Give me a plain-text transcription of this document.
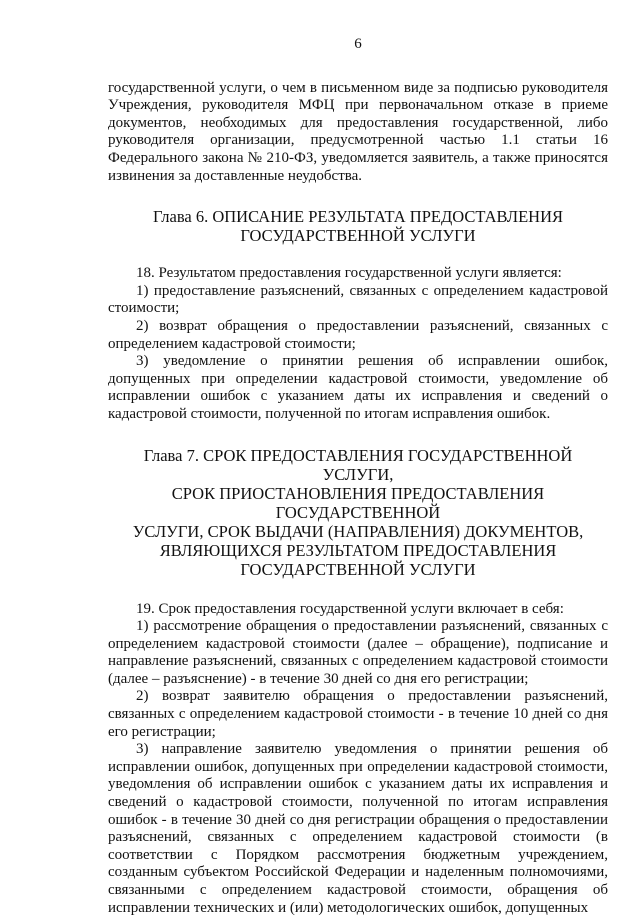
6

государственной услуги, о чем в письменном виде за подписью руководителя Учреждения, руководителя МФЦ при первоначальном отказе в приеме документов, необходимых для предоставления государственной, либо руководителя организации, предусмотренной частью 1.1 статьи 16 Федерального закона № 210-ФЗ, уведомляется заявитель, а также приносятся извинения за доставленные неудобства.

Глава 6. ОПИСАНИЕ РЕЗУЛЬТАТА ПРЕДОСТАВЛЕНИЯ
ГОСУДАРСТВЕННОЙ УСЛУГИ

18. Результатом предоставления государственной услуги является:

1) предоставление разъяснений, связанных с определением кадастровой стоимости;

2) возврат обращения о предоставлении разъяснений, связанных с определением кадастровой стоимости;

3) уведомление о принятии решения об исправлении ошибок, допущенных при определении кадастровой стоимости, уведомление об исправлении ошибок с указанием даты их исправления и сведений о кадастровой стоимости, полученной по итогам исправления ошибок.

Глава 7. СРОК ПРЕДОСТАВЛЕНИЯ ГОСУДАРСТВЕННОЙ УСЛУГИ,
СРОК ПРИОСТАНОВЛЕНИЯ ПРЕДОСТАВЛЕНИЯ ГОСУДАРСТВЕННОЙ
УСЛУГИ, СРОК ВЫДАЧИ (НАПРАВЛЕНИЯ) ДОКУМЕНТОВ,
ЯВЛЯЮЩИХСЯ РЕЗУЛЬТАТОМ ПРЕДОСТАВЛЕНИЯ
ГОСУДАРСТВЕННОЙ УСЛУГИ

19. Срок предоставления государственной услуги включает в себя:

1) рассмотрение обращения о предоставлении разъяснений, связанных с определением кадастровой стоимости (далее – обращение), подписание и направление разъяснений, связанных с определением кадастровой стоимости (далее – разъяснение) - в течение 30 дней со дня его регистрации;

2) возврат заявителю обращения о предоставлении разъяснений, связанных с определением кадастровой стоимости - в течение 10 дней со дня его регистрации;

3) направление заявителю уведомления о принятии решения об исправлении ошибок, допущенных при определении кадастровой стоимости, уведомления об исправлении ошибок с указанием даты их исправления и сведений о кадастровой стоимости, полученной по итогам исправления ошибок - в течение 30 дней со дня регистрации обращения о предоставлении разъяснений, связанных с определением кадастровой стоимости (в соответствии с Порядком рассмотрения бюджетным учреждением, созданным субъектом Российской Федерации и наделенным полномочиями, связанными с определением кадастровой стоимости, обращения об исправлении технических и (или) методологических ошибок, допущенных
